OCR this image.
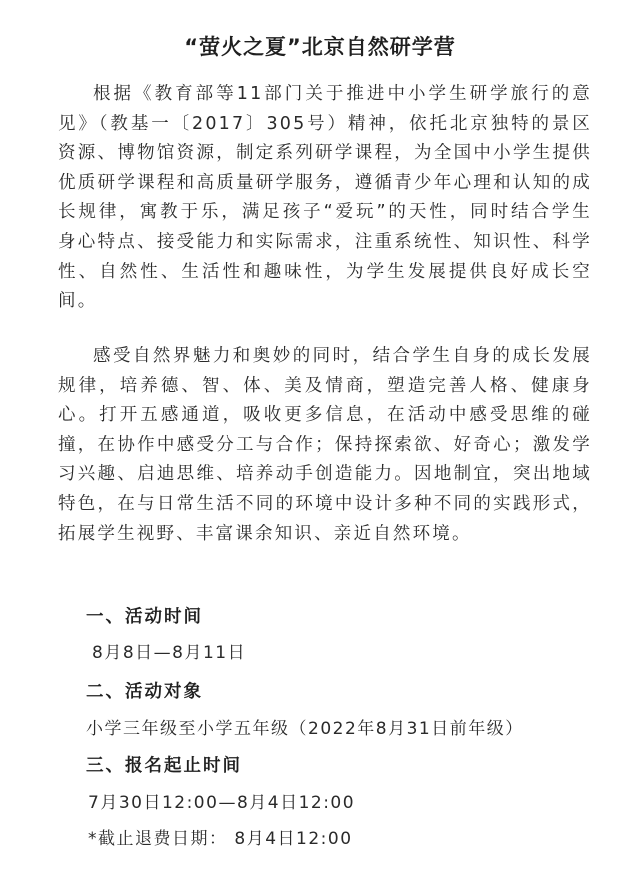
“萤火之夏”北京自然研学营

根据《教育部等11部门关于推进中小学生研学旅行的意见》（教基一〔2017〕305号）精神，依托北京独特的景区资源、博物馆资源，制定系列研学课程，为全国中小学生提供优质研学课程和高质量研学服务，遵循青少年心理和认知的成长规律，寓教于乐，满足孩子“爱玩”的天性，同时结合学生身心特点、接受能力和实际需求，注重系统性、知识性、科学性、自然性、生活性和趣味性，为学生发展提供良好成长空间。

感受自然界魅力和奥妙的同时，结合学生自身的成长发展规律，培养德、智、体、美及情商，塑造完善人格、健康身心。打开五感通道，吸收更多信息，在活动中感受思维的碰撞，在协作中感受分工与合作；保持探索欲、好奇心；激发学习兴趣、启迪思维、培养动手创造能力。因地制宜，突出地域特色，在与日常生活不同的环境中设计多种不同的实践形式，拓展学生视野、丰富课余知识、亲近自然环境。

一、活动时间
8月8日—8月11日
二、活动对象
小学三年级至小学五年级（2022年8月31日前年级）
三、报名起止时间
7月30日12:00—8月4日12:00
*截止退费日期： 8月4日12:00
